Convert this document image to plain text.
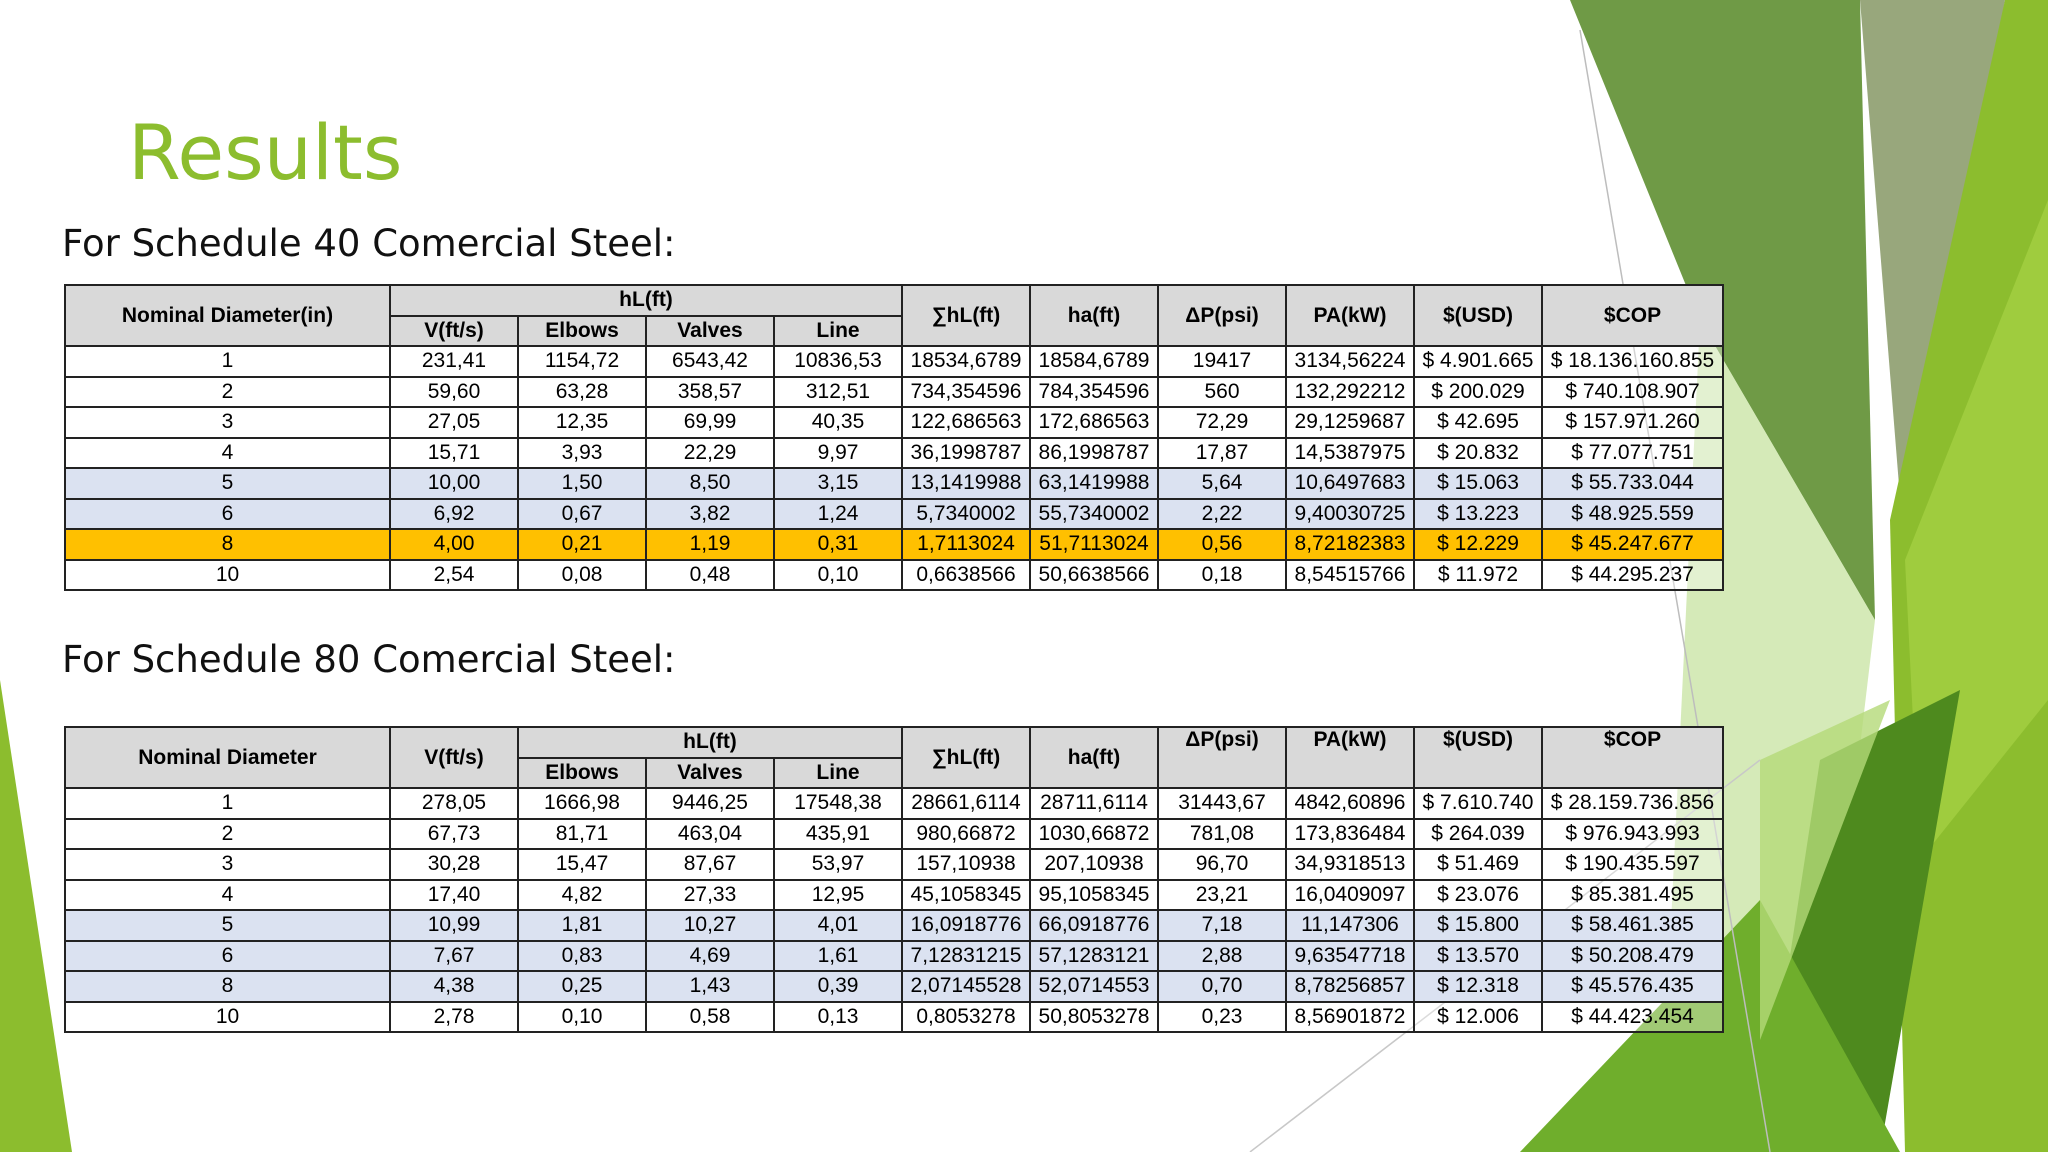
Results
For Schedule 40 Comercial Steel:
Nominal Diameter(in)	hL(ft)				∑hL(ft)	ha(ft)	ΔP(psi)	PA(kW)	$(USD)	$COP
	V(ft/s)	Elbows	Valves	Line						
1	231,41	1154,72	6543,42	10836,53	18534,6789	18584,6789	19417	3134,56224	$ 4.901.665	$ 18.136.160.855
2	59,60	63,28	358,57	312,51	734,354596	784,354596	560	132,292212	$ 200.029	$ 740.108.907
3	27,05	12,35	69,99	40,35	122,686563	172,686563	72,29	29,1259687	$ 42.695	$ 157.971.260
4	15,71	3,93	22,29	9,97	36,1998787	86,1998787	17,87	14,5387975	$ 20.832	$ 77.077.751
5	10,00	1,50	8,50	3,15	13,1419988	63,1419988	5,64	10,6497683	$ 15.063	$ 55.733.044
6	6,92	0,67	3,82	1,24	5,7340002	55,7340002	2,22	9,40030725	$ 13.223	$ 48.925.559
8	4,00	0,21	1,19	0,31	1,7113024	51,7113024	0,56	8,72182383	$ 12.229	$ 45.247.677
10	2,54	0,08	0,48	0,10	0,6638566	50,6638566	0,18	8,54515766	$ 11.972	$ 44.295.237
For Schedule 80 Comercial Steel:
Nominal Diameter	V(ft/s)	hL(ft)			∑hL(ft)	ha(ft)	ΔP(psi)	PA(kW)	$(USD)	$COP
		Elbows	Valves	Line						
1	278,05	1666,98	9446,25	17548,38	28661,6114	28711,6114	31443,67	4842,60896	$ 7.610.740	$ 28.159.736.856
2	67,73	81,71	463,04	435,91	980,66872	1030,66872	781,08	173,836484	$ 264.039	$ 976.943.993
3	30,28	15,47	87,67	53,97	157,10938	207,10938	96,70	34,9318513	$ 51.469	$ 190.435.597
4	17,40	4,82	27,33	12,95	45,1058345	95,1058345	23,21	16,0409097	$ 23.076	$ 85.381.495
5	10,99	1,81	10,27	4,01	16,0918776	66,0918776	7,18	11,147306	$ 15.800	$ 58.461.385
6	7,67	0,83	4,69	1,61	7,12831215	57,1283121	2,88	9,63547718	$ 13.570	$ 50.208.479
8	4,38	0,25	1,43	0,39	2,07145528	52,0714553	0,70	8,78256857	$ 12.318	$ 45.576.435
10	2,78	0,10	0,58	0,13	0,8053278	50,8053278	0,23	8,56901872	$ 12.006	$ 44.423.454
